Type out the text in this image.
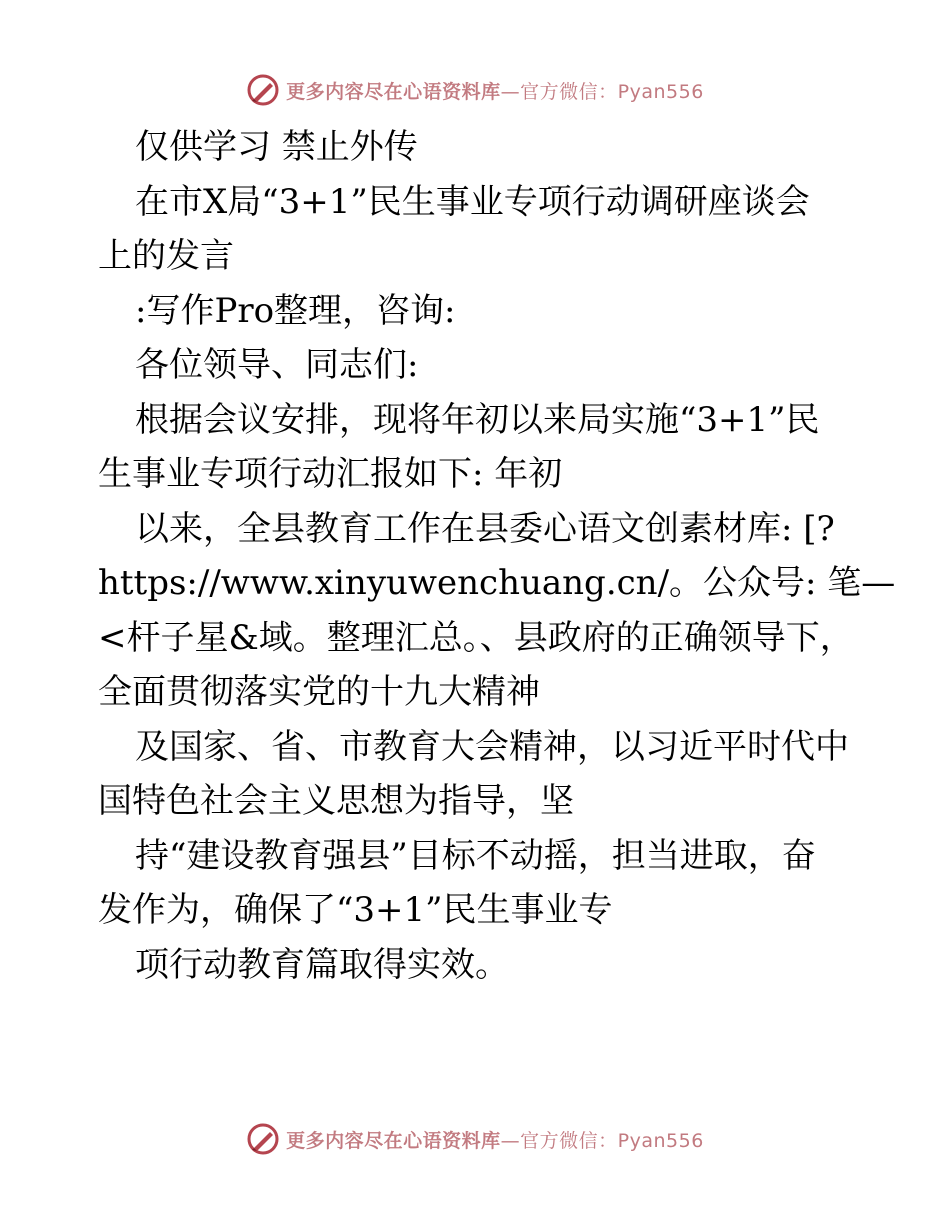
更多内容尽在心语资料库—官方微信：Pyan556
仅供学习 禁止外传
在市X局“3+1”民生事业专项行动调研座谈会
上的发言
:写作Pro整理，咨询:
各位领导、同志们:
根据会议安排，现将年初以来局实施“3+1”民
生事业专项行动汇报如下: 年初
以来，全县教育工作在县委心语文创素材库: [?
https://www.xinyuwenchuang.cn/。公众号: 笔—
<杆子星&域。整理汇总。、县政府的正确领导下，
全面贯彻落实党的十九大精神
及国家、省、市教育大会精神，以习近平时代中
国特色社会主义思想为指导，坚
持“建设教育强县”目标不动摇，担当进取，奋
发作为，确保了“3+1”民生事业专
项行动教育篇取得实效。
更多内容尽在心语资料库—官方微信：Pyan556
